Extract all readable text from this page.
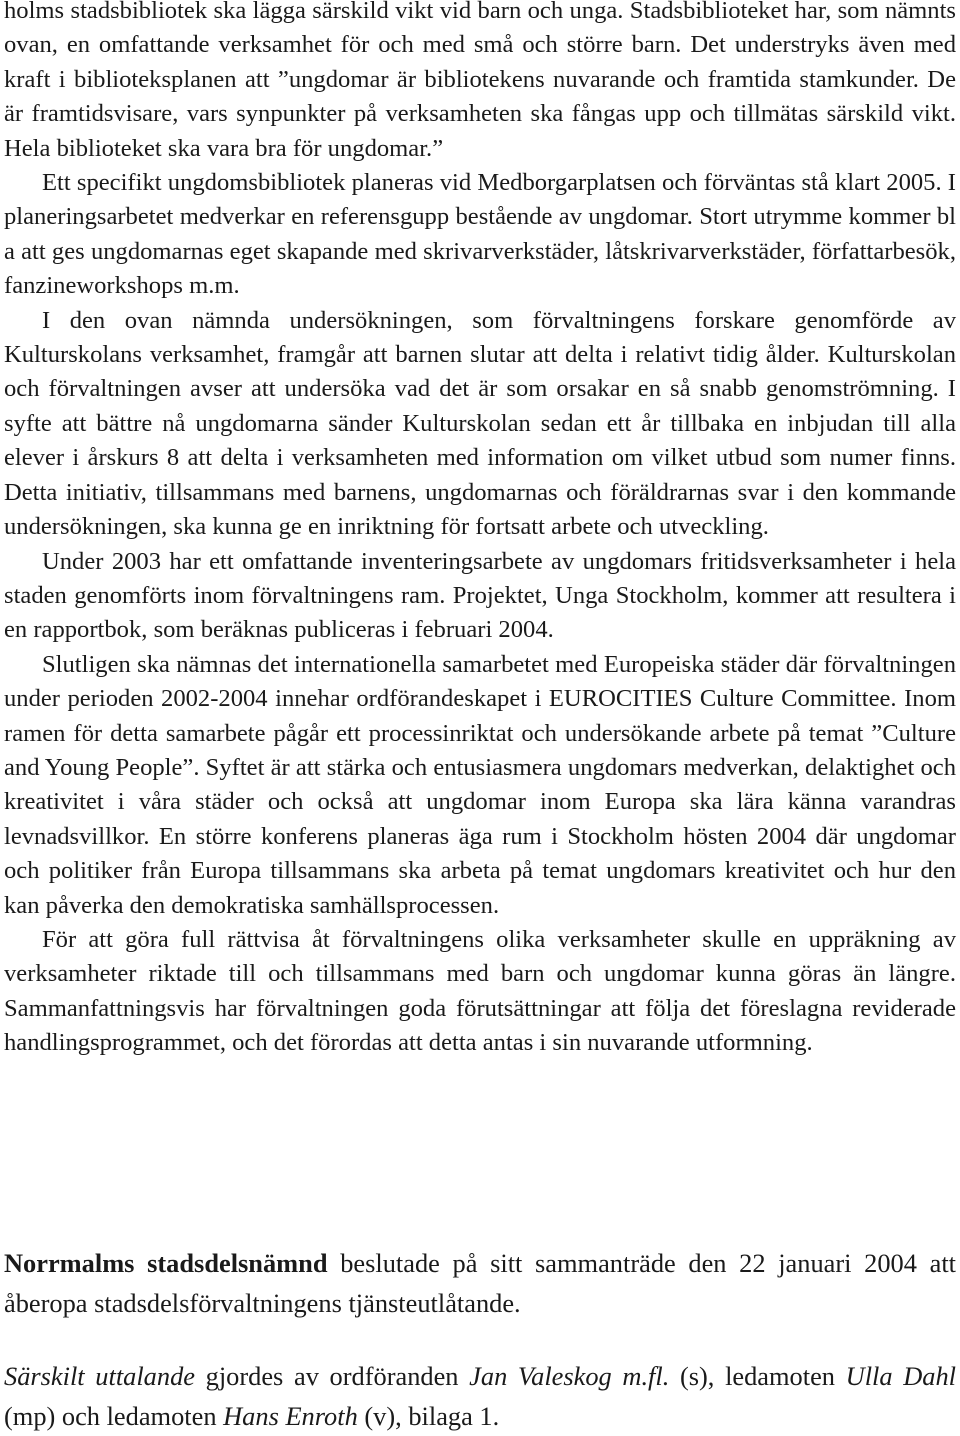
holms stadsbibliotek ska lägga särskild vikt vid barn och unga. Stadsbiblioteket har, som nämnts ovan, en omfattande verksamhet för och med små och större barn. Det understryks även med kraft i biblioteksplanen att ”ungdomar är bibliotekens nuvarande och framtida stamkunder. De är framtidsvisare, vars synpunkter på verksamheten ska fångas upp och tillmätas särskild vikt. Hela biblioteket ska vara bra för ungdomar.”

Ett specifikt ungdomsbibliotek planeras vid Medborgarplatsen och förväntas stå klart 2005. I planeringsarbetet medverkar en referensgupp bestående av ungdomar. Stort utrymme kommer bl a att ges ungdomarnas eget skapande med skrivarverkstäder, låtskrivarverkstäder, författarbesök, fanzineworkshops m.m.

I den ovan nämnda undersökningen, som förvaltningens forskare genomförde av Kulturskolans verksamhet, framgår att barnen slutar att delta i relativt tidig ålder. Kulturskolan och förvaltningen avser att undersöka vad det är som orsakar en så snabb genomströmning. I syfte att bättre nå ungdomarna sänder Kulturskolan sedan ett år tillbaka en inbjudan till alla elever i årskurs 8 att delta i verksamheten med information om vilket utbud som numer finns. Detta initiativ, tillsammans med barnens, ungdomarnas och föräldrarnas svar i den kommande undersökningen, ska kunna ge en inriktning för fortsatt arbete och utveckling.

Under 2003 har ett omfattande inventeringsarbete av ungdomars fritidsverksamheter i hela staden genomförts inom förvaltningens ram. Projektet, Unga Stockholm, kommer att resultera i en rapportbok, som beräknas publiceras i februari 2004.

Slutligen ska nämnas det internationella samarbetet med Europeiska städer där förvaltningen under perioden 2002-2004 innehar ordförandeskapet i EUROCITIES Culture Committee. Inom ramen för detta samarbete pågår ett processinriktat och undersökande arbete på temat ”Culture and Young People”. Syftet är att stärka och entusiasmera ungdomars medverkan, delaktighet och kreativitet i våra städer och också att ungdomar inom Europa ska lära känna varandras levnadsvillkor. En större konferens planeras äga rum i Stockholm hösten 2004 där ungdomar och politiker från Europa tillsammans ska arbeta på temat ungdomars kreativitet och hur den kan påverka den demokratiska samhällsprocessen.

För att göra full rättvisa åt förvaltningens olika verksamheter skulle en uppräkning av verksamheter riktade till och tillsammans med barn och ungdomar kunna göras än längre. Sammanfattningsvis har förvaltningen goda förutsättningar att följa det föreslagna reviderade handlingsprogrammet, och det förordas att detta antas i sin nuvarande utformning.

Norrmalms stadsdelsnämnd beslutade på sitt sammanträde den 22 januari 2004 att åberopa stadsdelsförvaltningens tjänsteutlåtande.

Särskilt uttalande gjordes av ordföranden Jan Valeskog m.fl. (s), ledamoten Ulla Dahl (mp) och ledamoten Hans Enroth (v), bilaga 1.
